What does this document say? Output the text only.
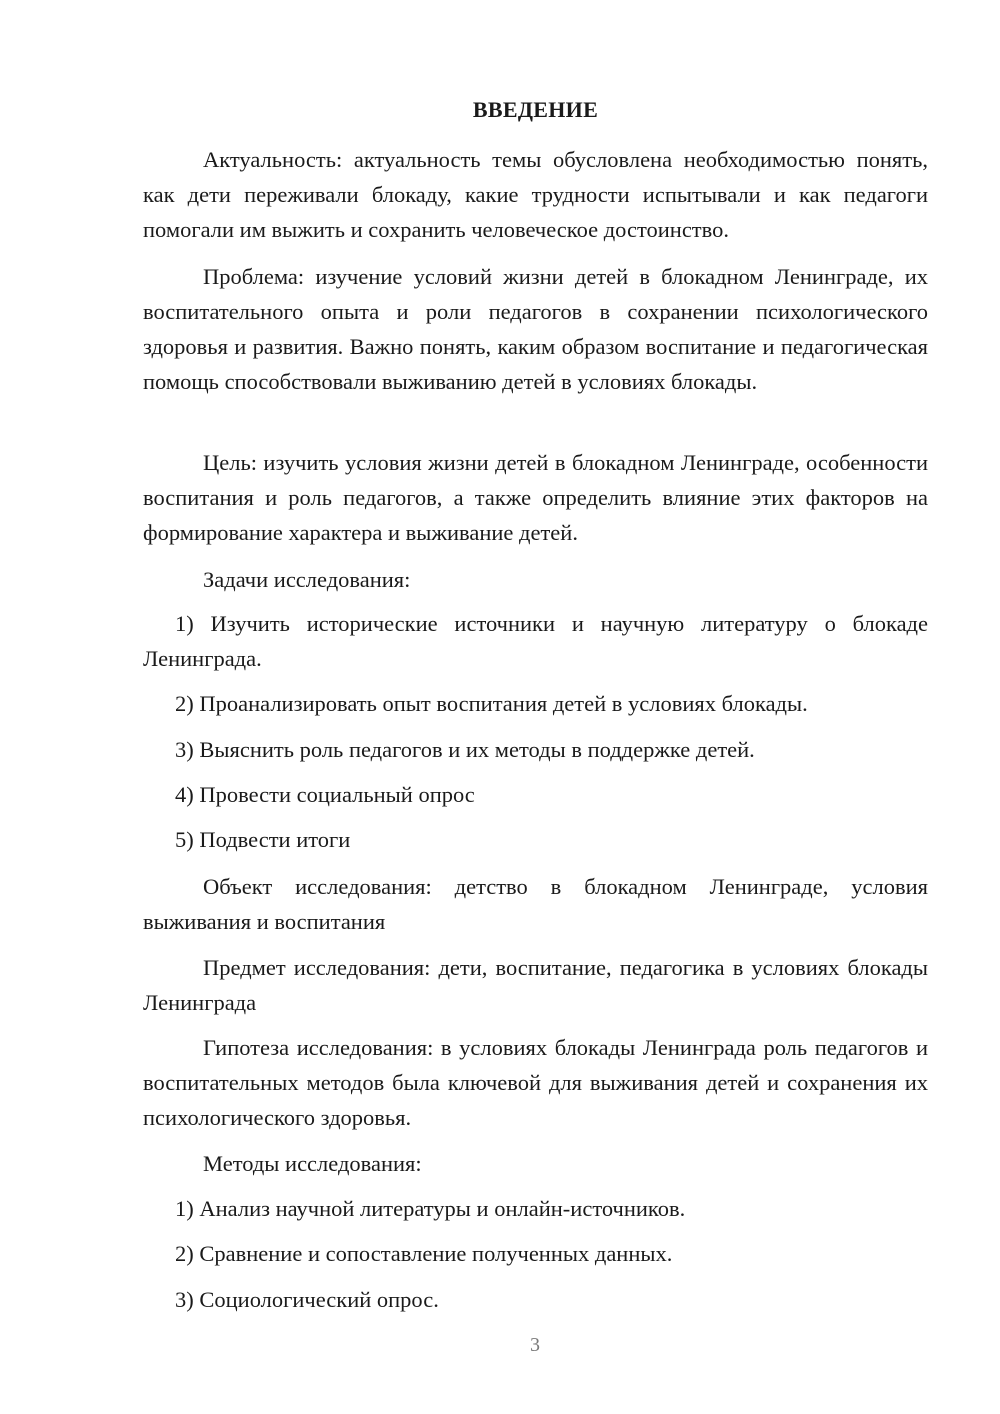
ВВЕДЕНИЕ

Актуальность: актуальность темы обусловлена необходимостью понять, как дети переживали блокаду, какие трудности испытывали и как педагоги помогали им выжить и сохранить человеческое достоинство.

Проблема: изучение условий жизни детей в блокадном Ленинграде, их воспитательного опыта и роли педагогов в сохранении психологического здоровья и развития. Важно понять, каким образом воспитание и педагогическая помощь способствовали выживанию детей в условиях блокады.

Цель: изучить условия жизни детей в блокадном Ленинграде, особенности воспитания и роль педагогов, а также определить влияние этих факторов на формирование характера и выживание детей.

Задачи исследования:

1) Изучить исторические источники и научную литературу о блокаде Ленинграда.

2) Проанализировать опыт воспитания детей в условиях блокады.

3) Выяснить роль педагогов и их методы в поддержке детей.

4) Провести социальный опрос

5) Подвести итоги

Объект исследования: детство в блокадном Ленинграде, условия выживания и воспитания

Предмет исследования: дети, воспитание, педагогика в условиях блокады Ленинграда

Гипотеза исследования: в условиях блокады Ленинграда роль педагогов и воспитательных методов была ключевой для выживания детей и сохранения их психологического здоровья.

Методы исследования:

1) Анализ научной литературы и онлайн-источников.

2) Сравнение и сопоставление полученных данных.

3) Социологический опрос.

3
